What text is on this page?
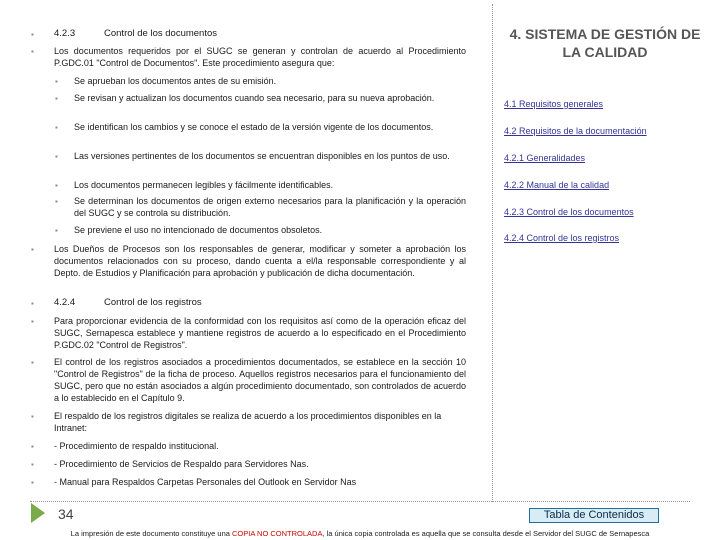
▪ 4.2.3	Control de los documentos
▪ Los documentos requeridos por el SUGC se generan y controlan de acuerdo al Procedimiento P.GDC.01 "Control de Documentos". Este procedimiento asegura que:
▪ Se aprueban los documentos antes de su emisión.
▪ Se revisan y actualizan los documentos cuando sea necesario, para su nueva aprobación.
▪ Se identifican los cambios y se conoce el estado de la versión vigente de los documentos.
▪ Las versiones pertinentes de los documentos se encuentran disponibles en los puntos de uso.
▪ Los documentos permanecen legibles y fácilmente identificables.
▪ Se determinan los documentos de origen externo necesarios para la planificación y la operación del SUGC y se controla su distribución.
▪ Se previene el uso no intencionado de documentos obsoletos.
▪ Los Dueños de Procesos son los responsables de generar, modificar y someter a aprobación los documentos relacionados con su proceso, dando cuenta a el/la responsable correspondiente y al Depto. de Estudios y Planificación para aprobación y publicación de dicha documentación.
▪ 4.2.4	Control de los registros
▪ Para proporcionar evidencia de la conformidad con los requisitos así como de la operación eficaz del SUGC, Sernapesca establece y mantiene registros de acuerdo a lo especificado en el Procedimiento P.GDC.02 "Control de Registros".
▪ El control de los registros asociados a procedimientos documentados, se establece en la sección 10 "Control de Registros" de la ficha de proceso. Aquellos registros necesarios para el funcionamiento del SUGC, pero que no están asociados a algún procedimiento documentado, son controlados de acuerdo a lo establecido en el Capítulo 9.
▪ El respaldo de los registros digitales se realiza de acuerdo a los procedimientos disponibles en la Intranet:
▪ - Procedimiento de respaldo institucional.
▪ - Procedimiento de Servicios de Respaldo para Servidores Nas.
▪ - Manual para Respaldos Carpetas Personales del Outlook en Servidor Nas
4. SISTEMA DE GESTIÓN DE LA CALIDAD
4.1 Requisitos generales
4.2 Requisitos de la documentación
4.2.1 Generalidades
4.2.2 Manual de la calidad
4.2.3 Control de los documentos
4.2.4 Control de los registros
34	Tabla de Contenidos
La impresión de este documento constituye una COPIA NO CONTROLADA, la única copia controlada es aquella que se consulta desde el Servidor del SUGC de Sernapesca
